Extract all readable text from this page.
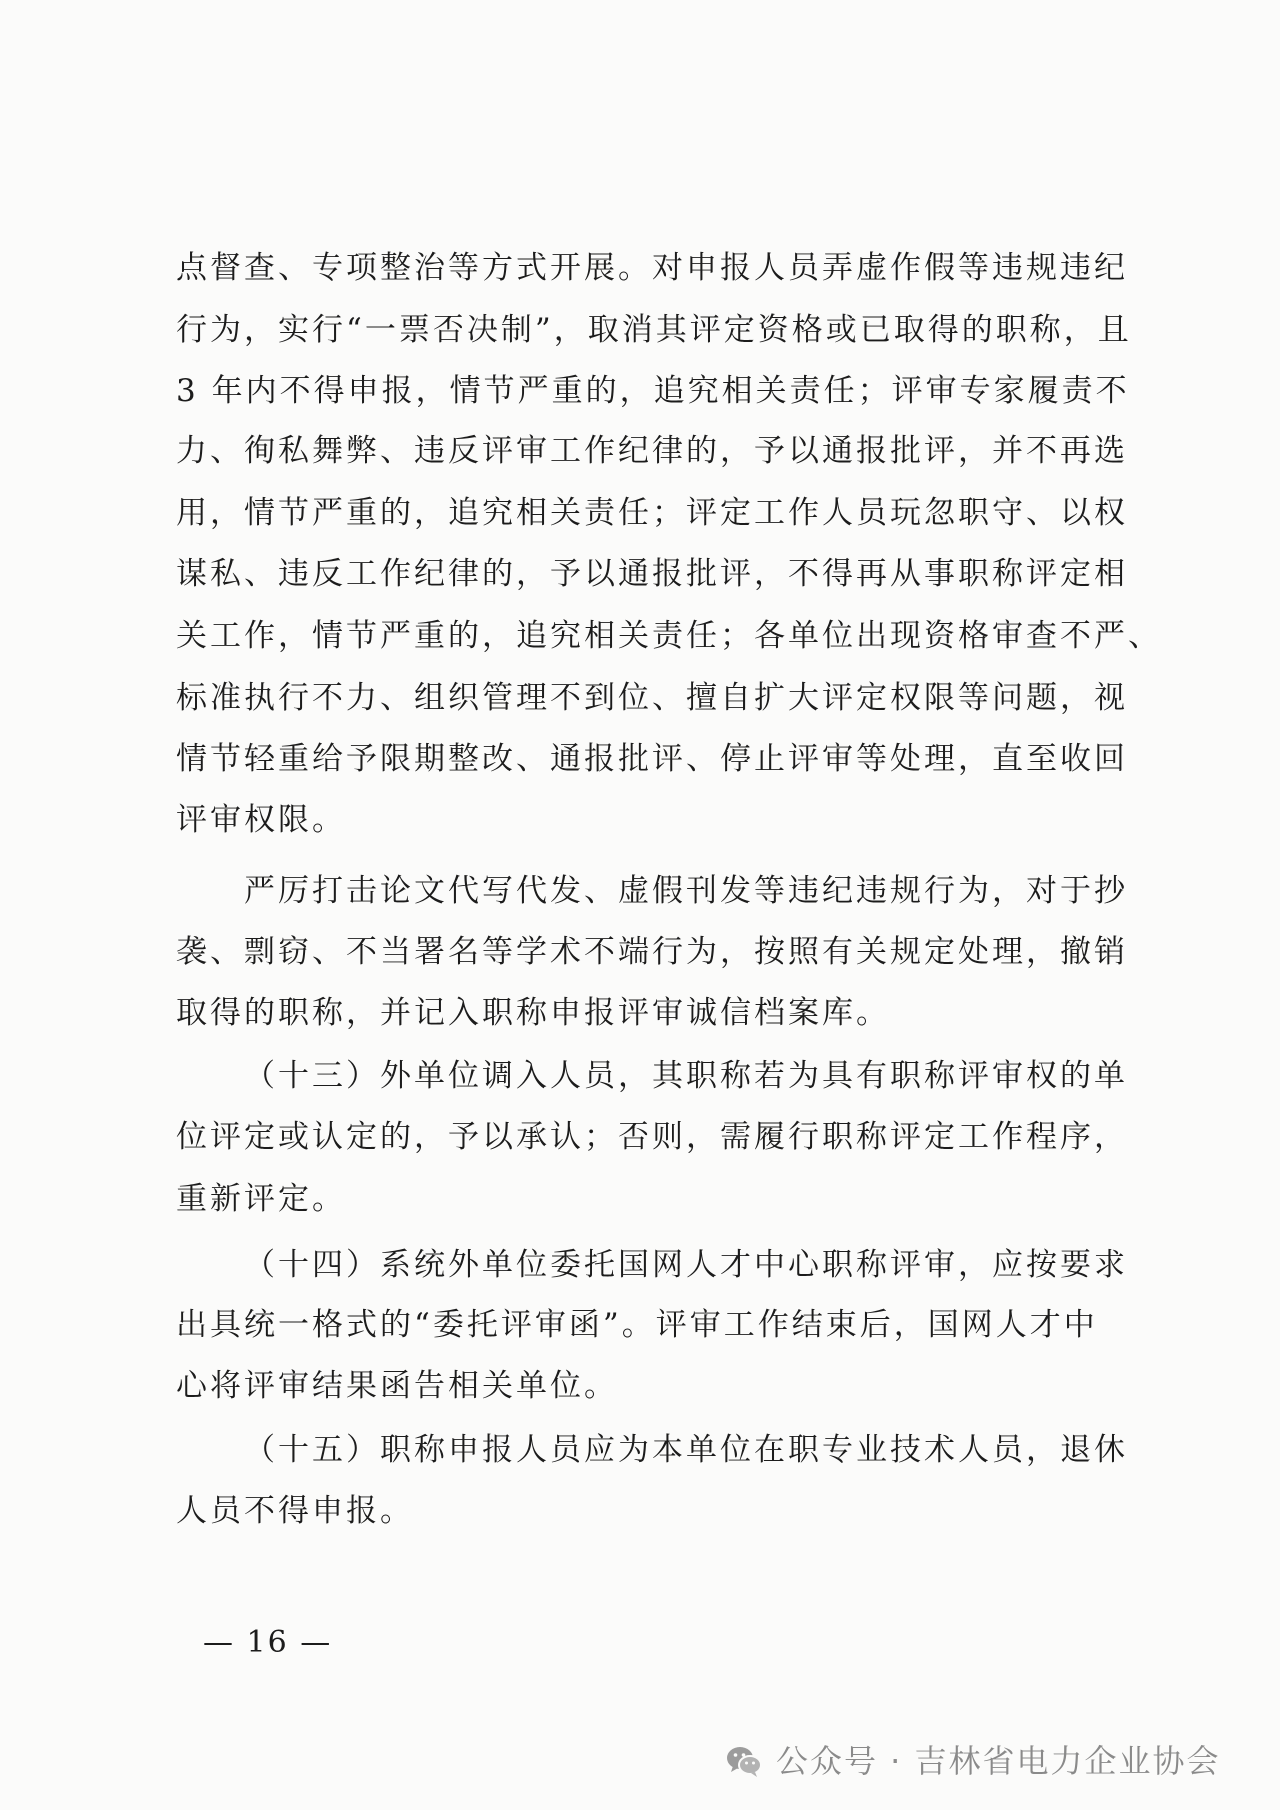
点督查、专项整治等方式开展。对申报人员弄虚作假等违规违纪
行为，实行“一票否决制”，取消其评定资格或已取得的职称，且
3 年内不得申报，情节严重的，追究相关责任；评审专家履责不
力、徇私舞弊、违反评审工作纪律的，予以通报批评，并不再选
用，情节严重的，追究相关责任；评定工作人员玩忽职守、以权
谋私、违反工作纪律的，予以通报批评，不得再从事职称评定相
关工作，情节严重的，追究相关责任；各单位出现资格审查不严、
标准执行不力、组织管理不到位、擅自扩大评定权限等问题，视
情节轻重给予限期整改、通报批评、停止评审等处理，直至收回
评审权限。
严厉打击论文代写代发、虚假刊发等违纪违规行为，对于抄
袭、剽窃、不当署名等学术不端行为，按照有关规定处理，撤销
取得的职称，并记入职称申报评审诚信档案库。
（十三）外单位调入人员，其职称若为具有职称评审权的单
位评定或认定的，予以承认；否则，需履行职称评定工作程序，
重新评定。
（十四）系统外单位委托国网人才中心职称评审，应按要求
出具统一格式的“委托评审函”。评审工作结束后，国网人才中
心将评审结果函告相关单位。
（十五）职称申报人员应为本单位在职专业技术人员，退休
人员不得申报。
— 16 —
公众号 · 吉林省电力企业协会
